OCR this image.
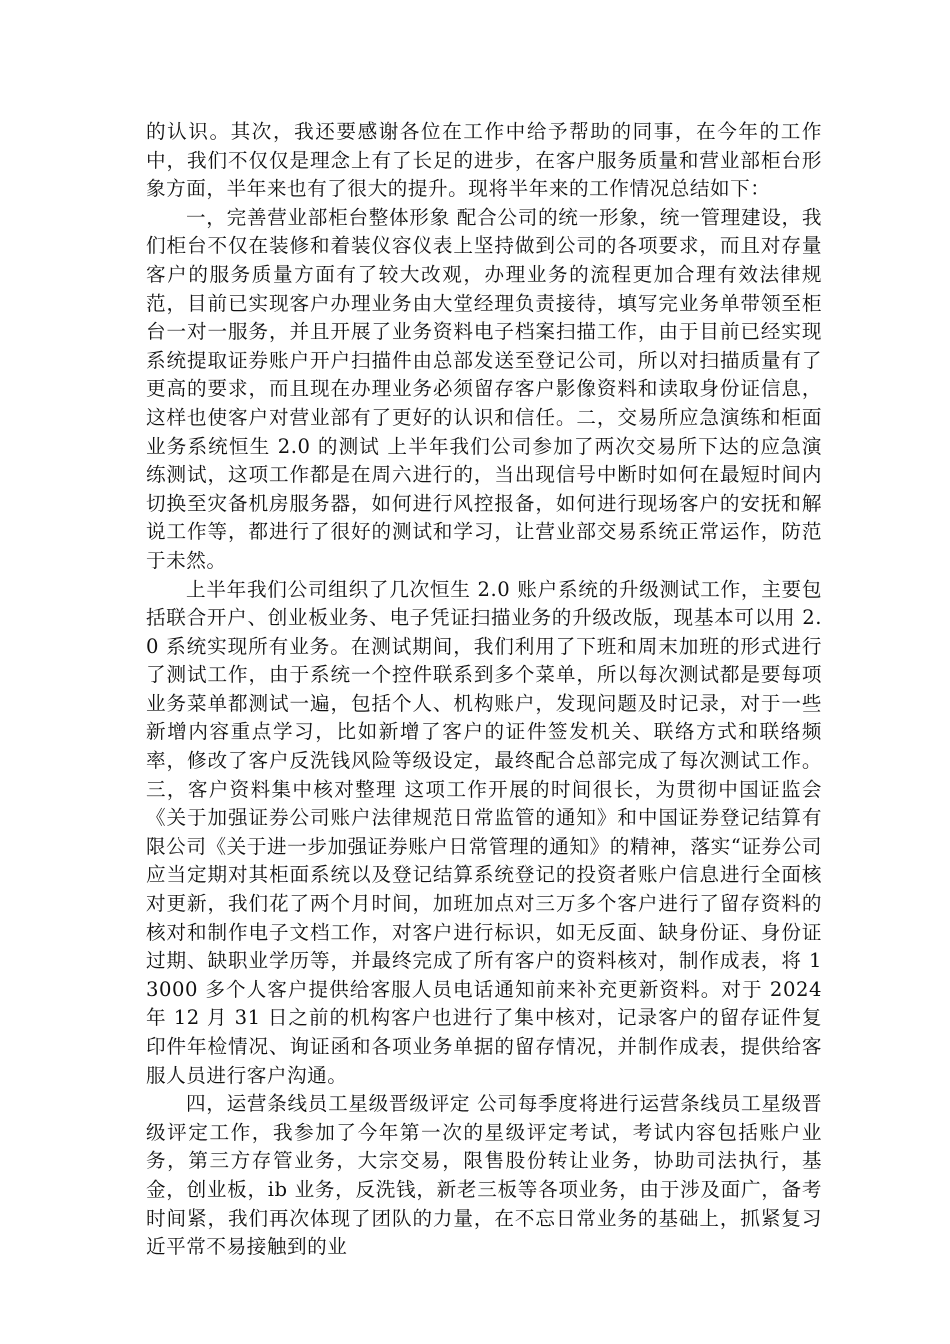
的认识。其次，我还要感谢各位在工作中给予帮助的同事，在今年的工作中，我们不仅仅是理念上有了长足的进步，在客户服务质量和营业部柜台形象方面，半年来也有了很大的提升。现将半年来的工作情况总结如下：

一，完善营业部柜台整体形象 配合公司的统一形象，统一管理建设，我们柜台不仅在装修和着装仪容仪表上坚持做到公司的各项要求，而且对存量客户的服务质量方面有了较大改观，办理业务的流程更加合理有效法律规范，目前已实现客户办理业务由大堂经理负责接待，填写完业务单带领至柜台一对一服务，并且开展了业务资料电子档案扫描工作，由于目前已经实现系统提取证券账户开户扫描件由总部发送至登记公司，所以对扫描质量有了更高的要求，而且现在办理业务必须留存客户影像资料和读取身份证信息，这样也使客户对营业部有了更好的认识和信任。二，交易所应急演练和柜面业务系统恒生 2.0 的测试 上半年我们公司参加了两次交易所下达的应急演练测试，这项工作都是在周六进行的，当出现信号中断时如何在最短时间内切换至灾备机房服务器，如何进行风控报备，如何进行现场客户的安抚和解说工作等，都进行了很好的测试和学习，让营业部交易系统正常运作，防范于未然。

上半年我们公司组织了几次恒生 2.0 账户系统的升级测试工作，主要包括联合开户、创业板业务、电子凭证扫描业务的升级改版，现基本可以用 2.0 系统实现所有业务。在测试期间，我们利用了下班和周末加班的形式进行了测试工作，由于系统一个控件联系到多个菜单，所以每次测试都是要每项业务菜单都测试一遍，包括个人、机构账户，发现问题及时记录，对于一些新增内容重点学习，比如新增了客户的证件签发机关、联络方式和联络频率，修改了客户反洗钱风险等级设定，最终配合总部完成了每次测试工作。三，客户资料集中核对整理 这项工作开展的时间很长，为贯彻中国证监会《关于加强证券公司账户法律规范日常监管的通知》和中国证券登记结算有限公司《关于进一步加强证券账户日常管理的通知》的精神，落实“证券公司应当定期对其柜面系统以及登记结算系统登记的投资者账户信息进行全面核对更新，我们花了两个月时间，加班加点对三万多个客户进行了留存资料的核对和制作电子文档工作，对客户进行标识，如无反面、缺身份证、身份证过期、缺职业学历等，并最终完成了所有客户的资料核对，制作成表，将 13000 多个人客户提供给客服人员电话通知前来补充更新资料。对于 2024 年 12 月 31 日之前的机构客户也进行了集中核对，记录客户的留存证件复印件年检情况、询证函和各项业务单据的留存情况，并制作成表，提供给客服人员进行客户沟通。

四，运营条线员工星级晋级评定 公司每季度将进行运营条线员工星级晋级评定工作，我参加了今年第一次的星级评定考试，考试内容包括账户业务，第三方存管业务，大宗交易，限售股份转让业务，协助司法执行，基金，创业板，ib 业务，反洗钱，新老三板等各项业务，由于涉及面广，备考时间紧，我们再次体现了团队的力量，在不忘日常业务的基础上，抓紧复习近平常不易接触到的业
